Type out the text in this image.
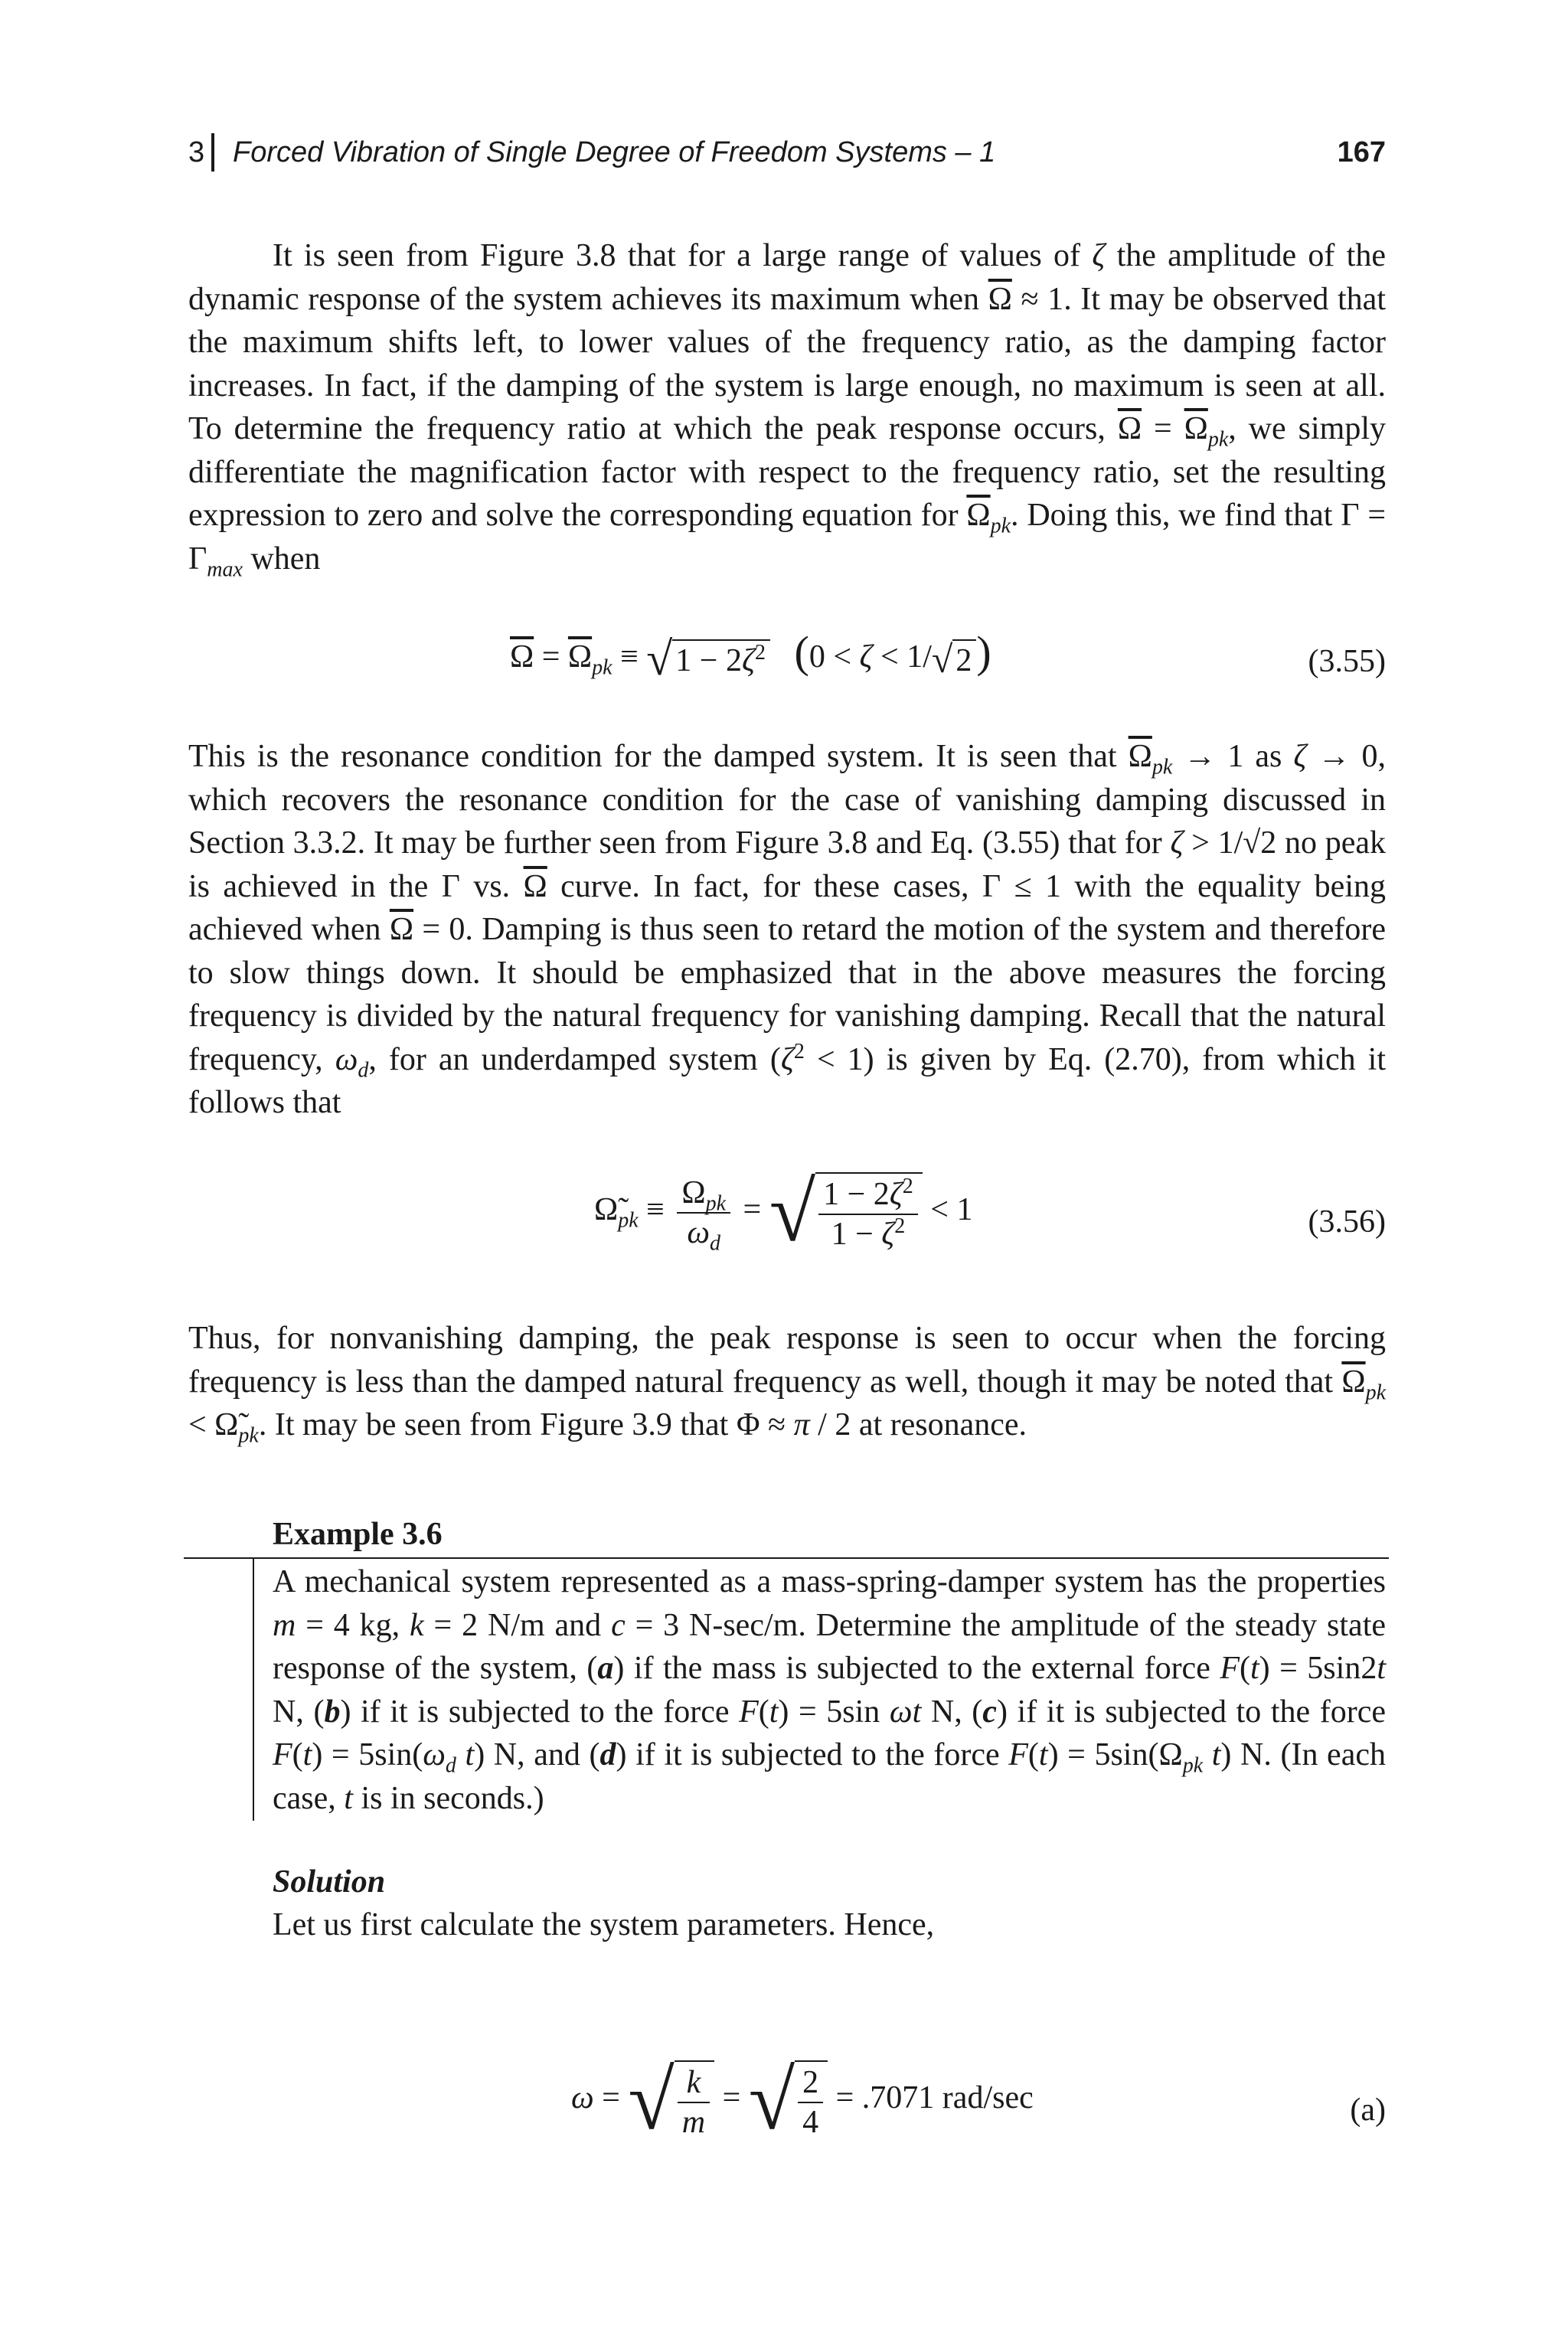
3 Forced Vibration of Single Degree of Freedom Systems – 1	167

It is seen from Figure 3.8 that for a large range of values of ζ the amplitude of the dynamic response of the system achieves its maximum when $\overline{\Omega} \approx 1$. It may be observed that the maximum shifts left, to lower values of the frequency ratio, as the damping factor increases. In fact, if the damping of the system is large enough, no maximum is seen at all. To determine the frequency ratio at which the peak response occurs, $\overline{\Omega} = \overline{\Omega}_{pk}$, we simply differentiate the magnification factor with respect to the frequency ratio, set the resulting expression to zero and solve the corresponding equation for $\overline{\Omega}_{pk}$. Doing this, we find that $\Gamma = \Gamma_{max}$ when

$\overline{\Omega} = \overline{\Omega}_{pk} \equiv √1 - 2\zeta^2$ (0 < ζ < 1/√2 )	(3.55)

This is the resonance condition for the damped system. It is seen that $\overline{\Omega}_{pk} \to 1$ as ζ → 0, which recovers the resonance condition for the case of vanishing damping discussed in Section 3.3.2. It may be further seen from Figure 3.8 and Eq. (3.55) that for ζ > 1/√2 no peak is achieved in the Γ vs. $\overline{\Omega}$ curve. In fact, for these cases, Γ ≤ 1 with the equality being achieved when $\overline{\Omega} = 0$. Damping is thus seen to retard the motion of the system and therefore to slow things down. It should be emphasized that in the above measures the forcing frequency is divided by the natural frequency for vanishing damping. Recall that the natural frequency, $\omega_d$, for an underdamped system $(\zeta^2 < 1)$ is given by Eq. (2.70), from which it follows that

$\Omegã_{pk} \equiv \frac{\Omega_{pk}}{\omega_d}$ = √ $\frac{1 - 2\zeta^2}{1 - \zeta^2} < 1$	(3.56)

Thus, for nonvanishing damping, the peak response is seen to occur when the forcing frequency is less than the damped natural frequency as well, though it may be noted that $\overline{\Omega}_{pk}$ < $\Omegã_{pk}$. It may be seen from Figure 3.9 that Φ ≈ π / 2 at resonance.

Example 3.6
A mechanical system represented as a mass-spring-damper system has the properties m = 4 kg, k = 2 N/m and c = 3 N-sec/m. Determine the amplitude of the steady state response of the system, (a) if the mass is subjected to the external force F(t) = 5sin2t N, (b) if it is subjected to the force F(t) = 5sin ωt N, (c) if it is subjected to the force $F(t) = 5\sin(\omega_d$ t) N, and (d) if it is subjected to the force $F(t) = 5\sin(\Omega_{pk}$ t) N. (In each case, t is in seconds.)
Solution
Let us first calculate the system parameters. Hence,
ω = √ $\frac{k}{m}$ = √ $\frac{2}{4} = .7071$ rad/sec	(a)
